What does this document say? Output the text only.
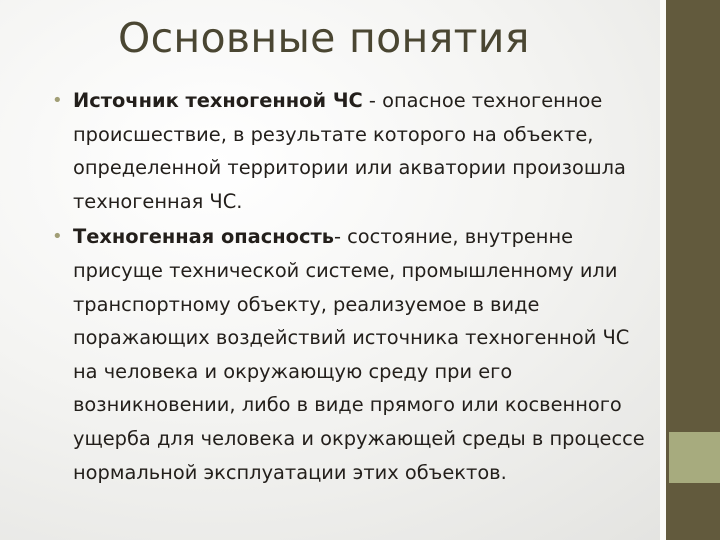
Основные понятия
• Источник техногенной ЧС - опасное техногенное происшествие, в результате которого на объекте, определенной территории или акватории произошла техногенная ЧС.
• Техногенная опасность- состояние, внутренне присуще технической системе, промышленному или транспортному объекту, реализуемое в виде поражающих воздействий источника техногенной ЧС на человека и окружающую среду при его возникновении, либо в виде прямого или косвенного ущерба для человека и окружающей среды в процессе нормальной эксплуатации этих объектов.
